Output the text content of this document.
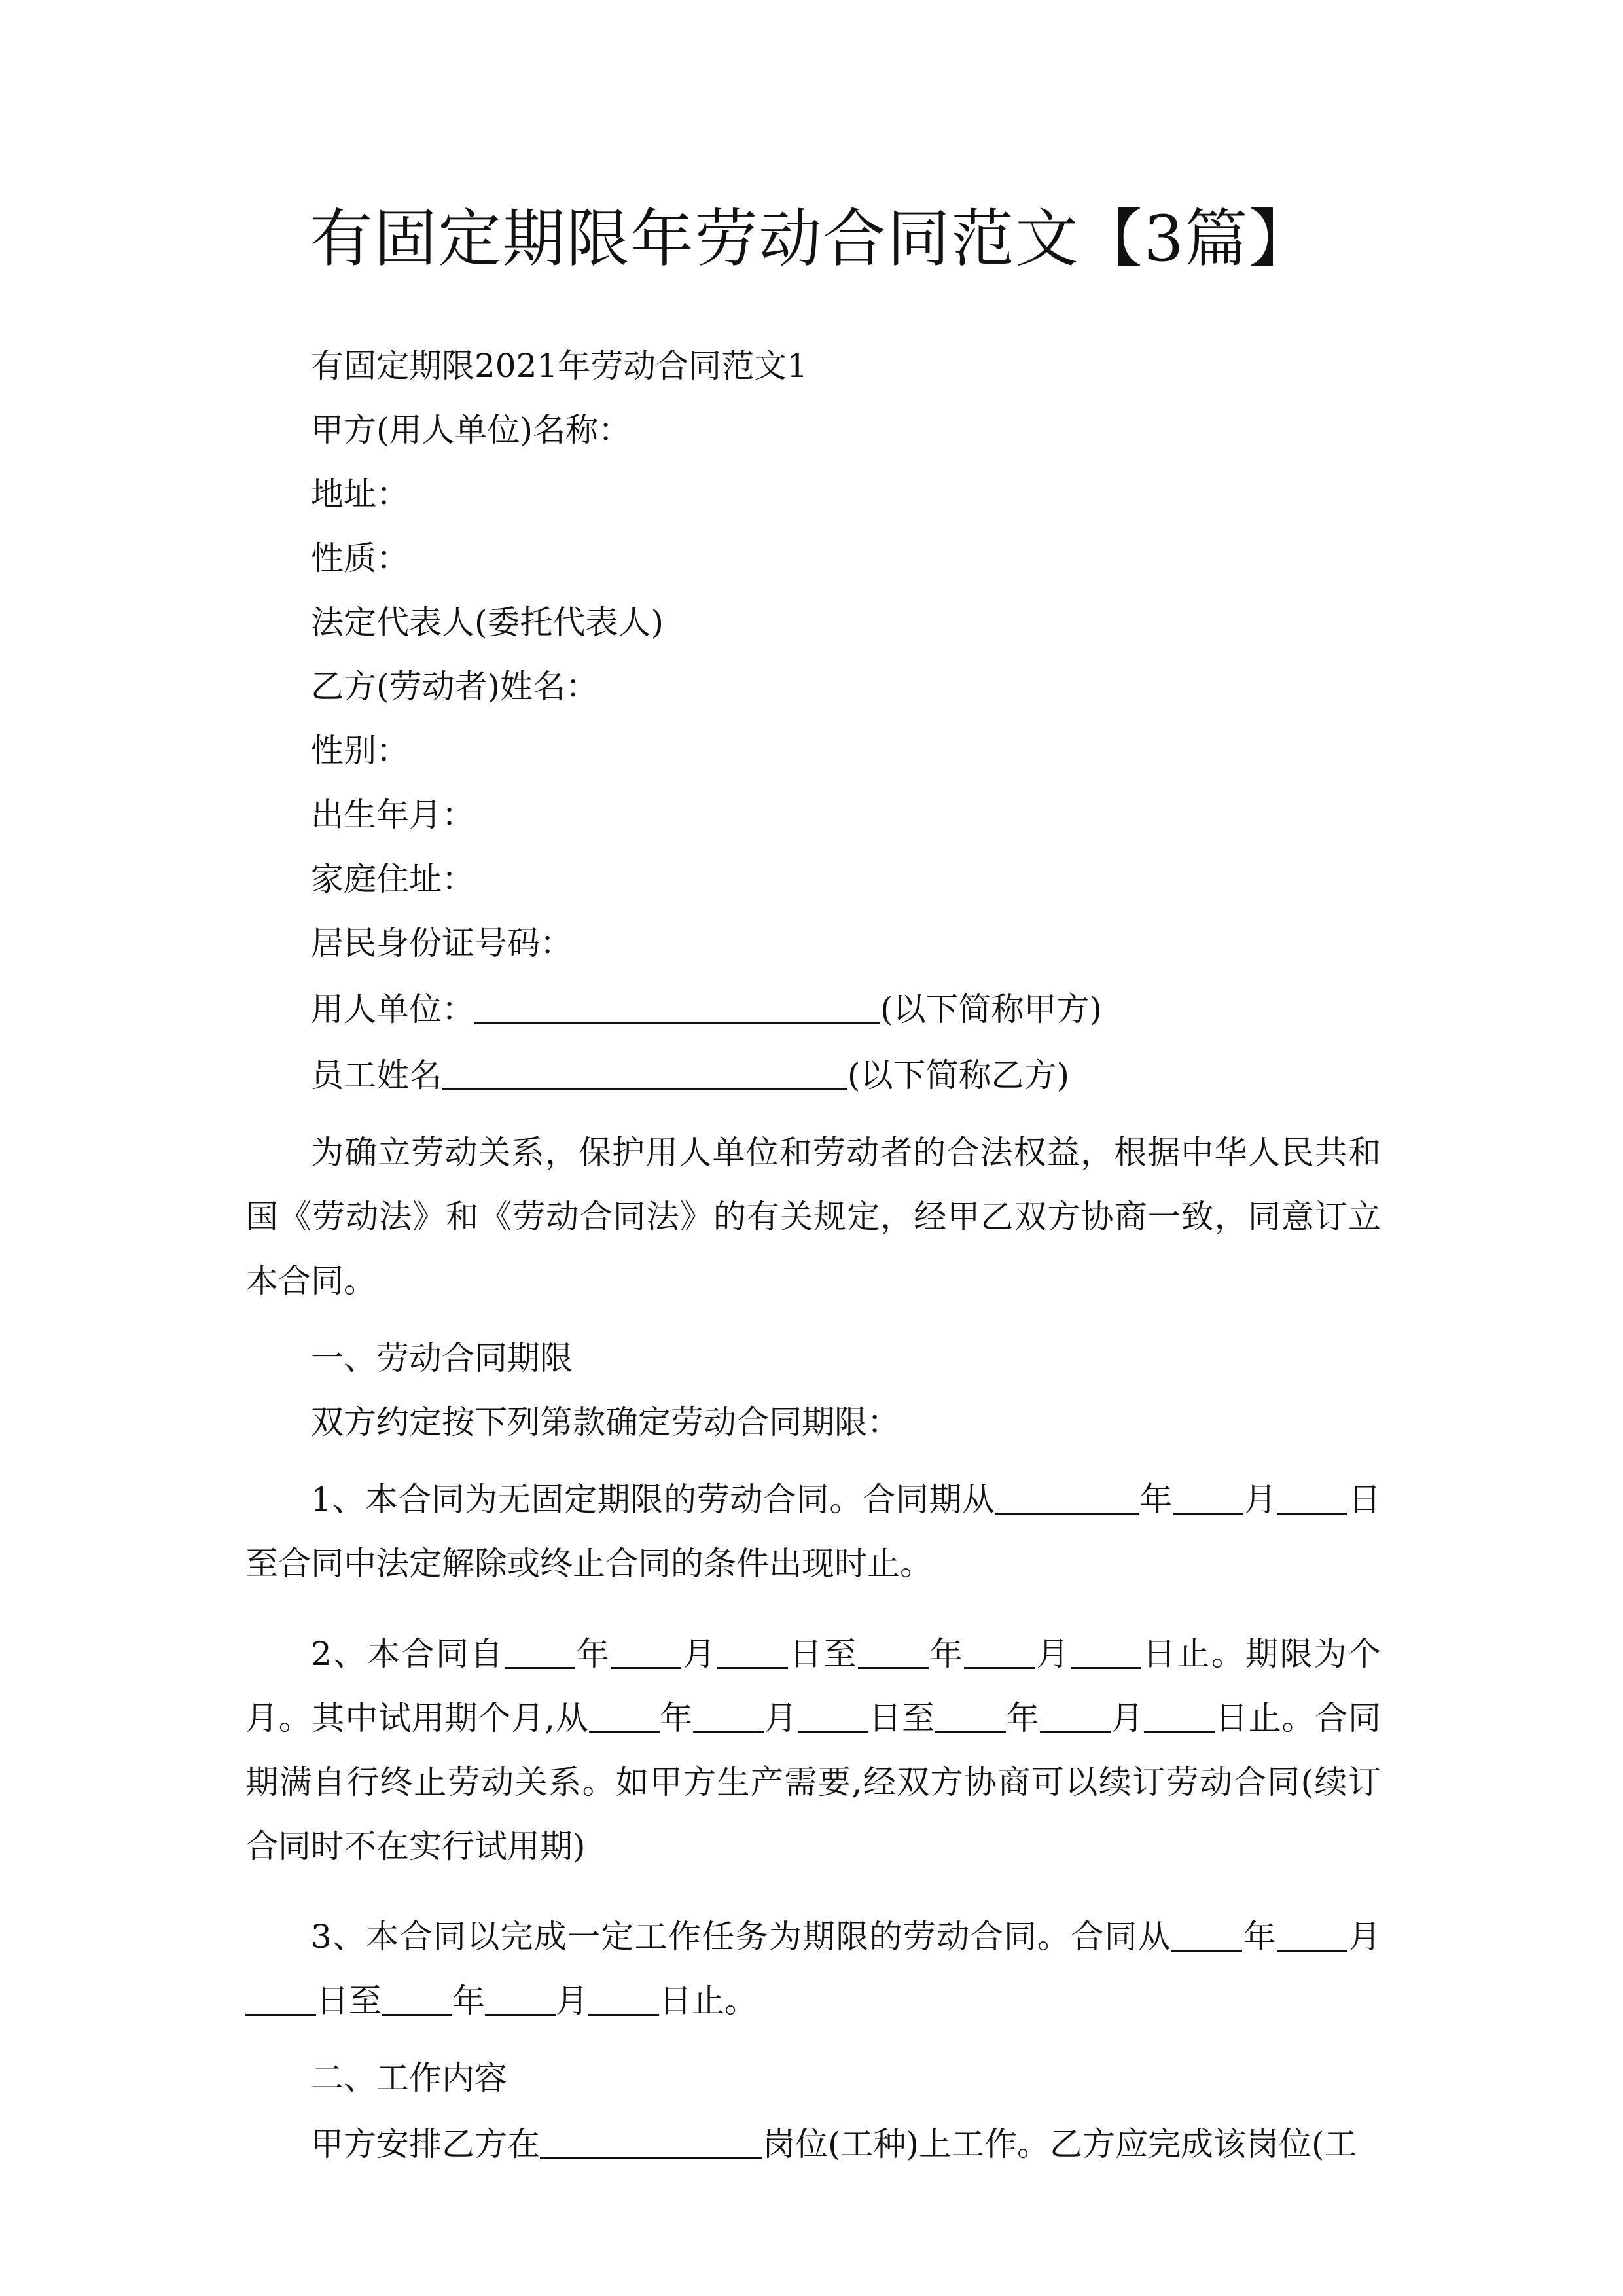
有固定期限年劳动合同范文【3篇】

有固定期限2021年劳动合同范文1

甲方(用人单位)名称：

地址：

性质：

法定代表人(委托代表人)

乙方(劳动者)姓名：

性别：

出生年月：

家庭住址：

居民身份证号码：

用人单位：	(以下简称甲方)

员工姓名	(以下简称乙方)

为确立劳动关系，保护用人单位和劳动者的合法权益，根据中华人民共和国《劳动法》和《劳动合同法》的有关规定，经甲乙双方协商一致，同意订立本合同。

一、劳动合同期限

双方约定按下列第款确定劳动合同期限：

1、本合同为无固定期限的劳动合同。合同期从	年 月 日至合同中法定解除或终止合同的条件出现时止。

2、本合同自 年 月 日至 年 月 日止。期限为个月。其中试用期个月,从 年 月 日至 年 月 日止。合同期满自行终止劳动关系。如甲方生产需要,经双方协商可以续订劳动合同(续订合同时不在实行试用期)

3、本合同以完成一定工作任务为期限的劳动合同。合同从 年 月日至 年 月 日止。

二、工作内容

甲方安排乙方在	岗位(工种)上工作。乙方应完成该岗位(工
